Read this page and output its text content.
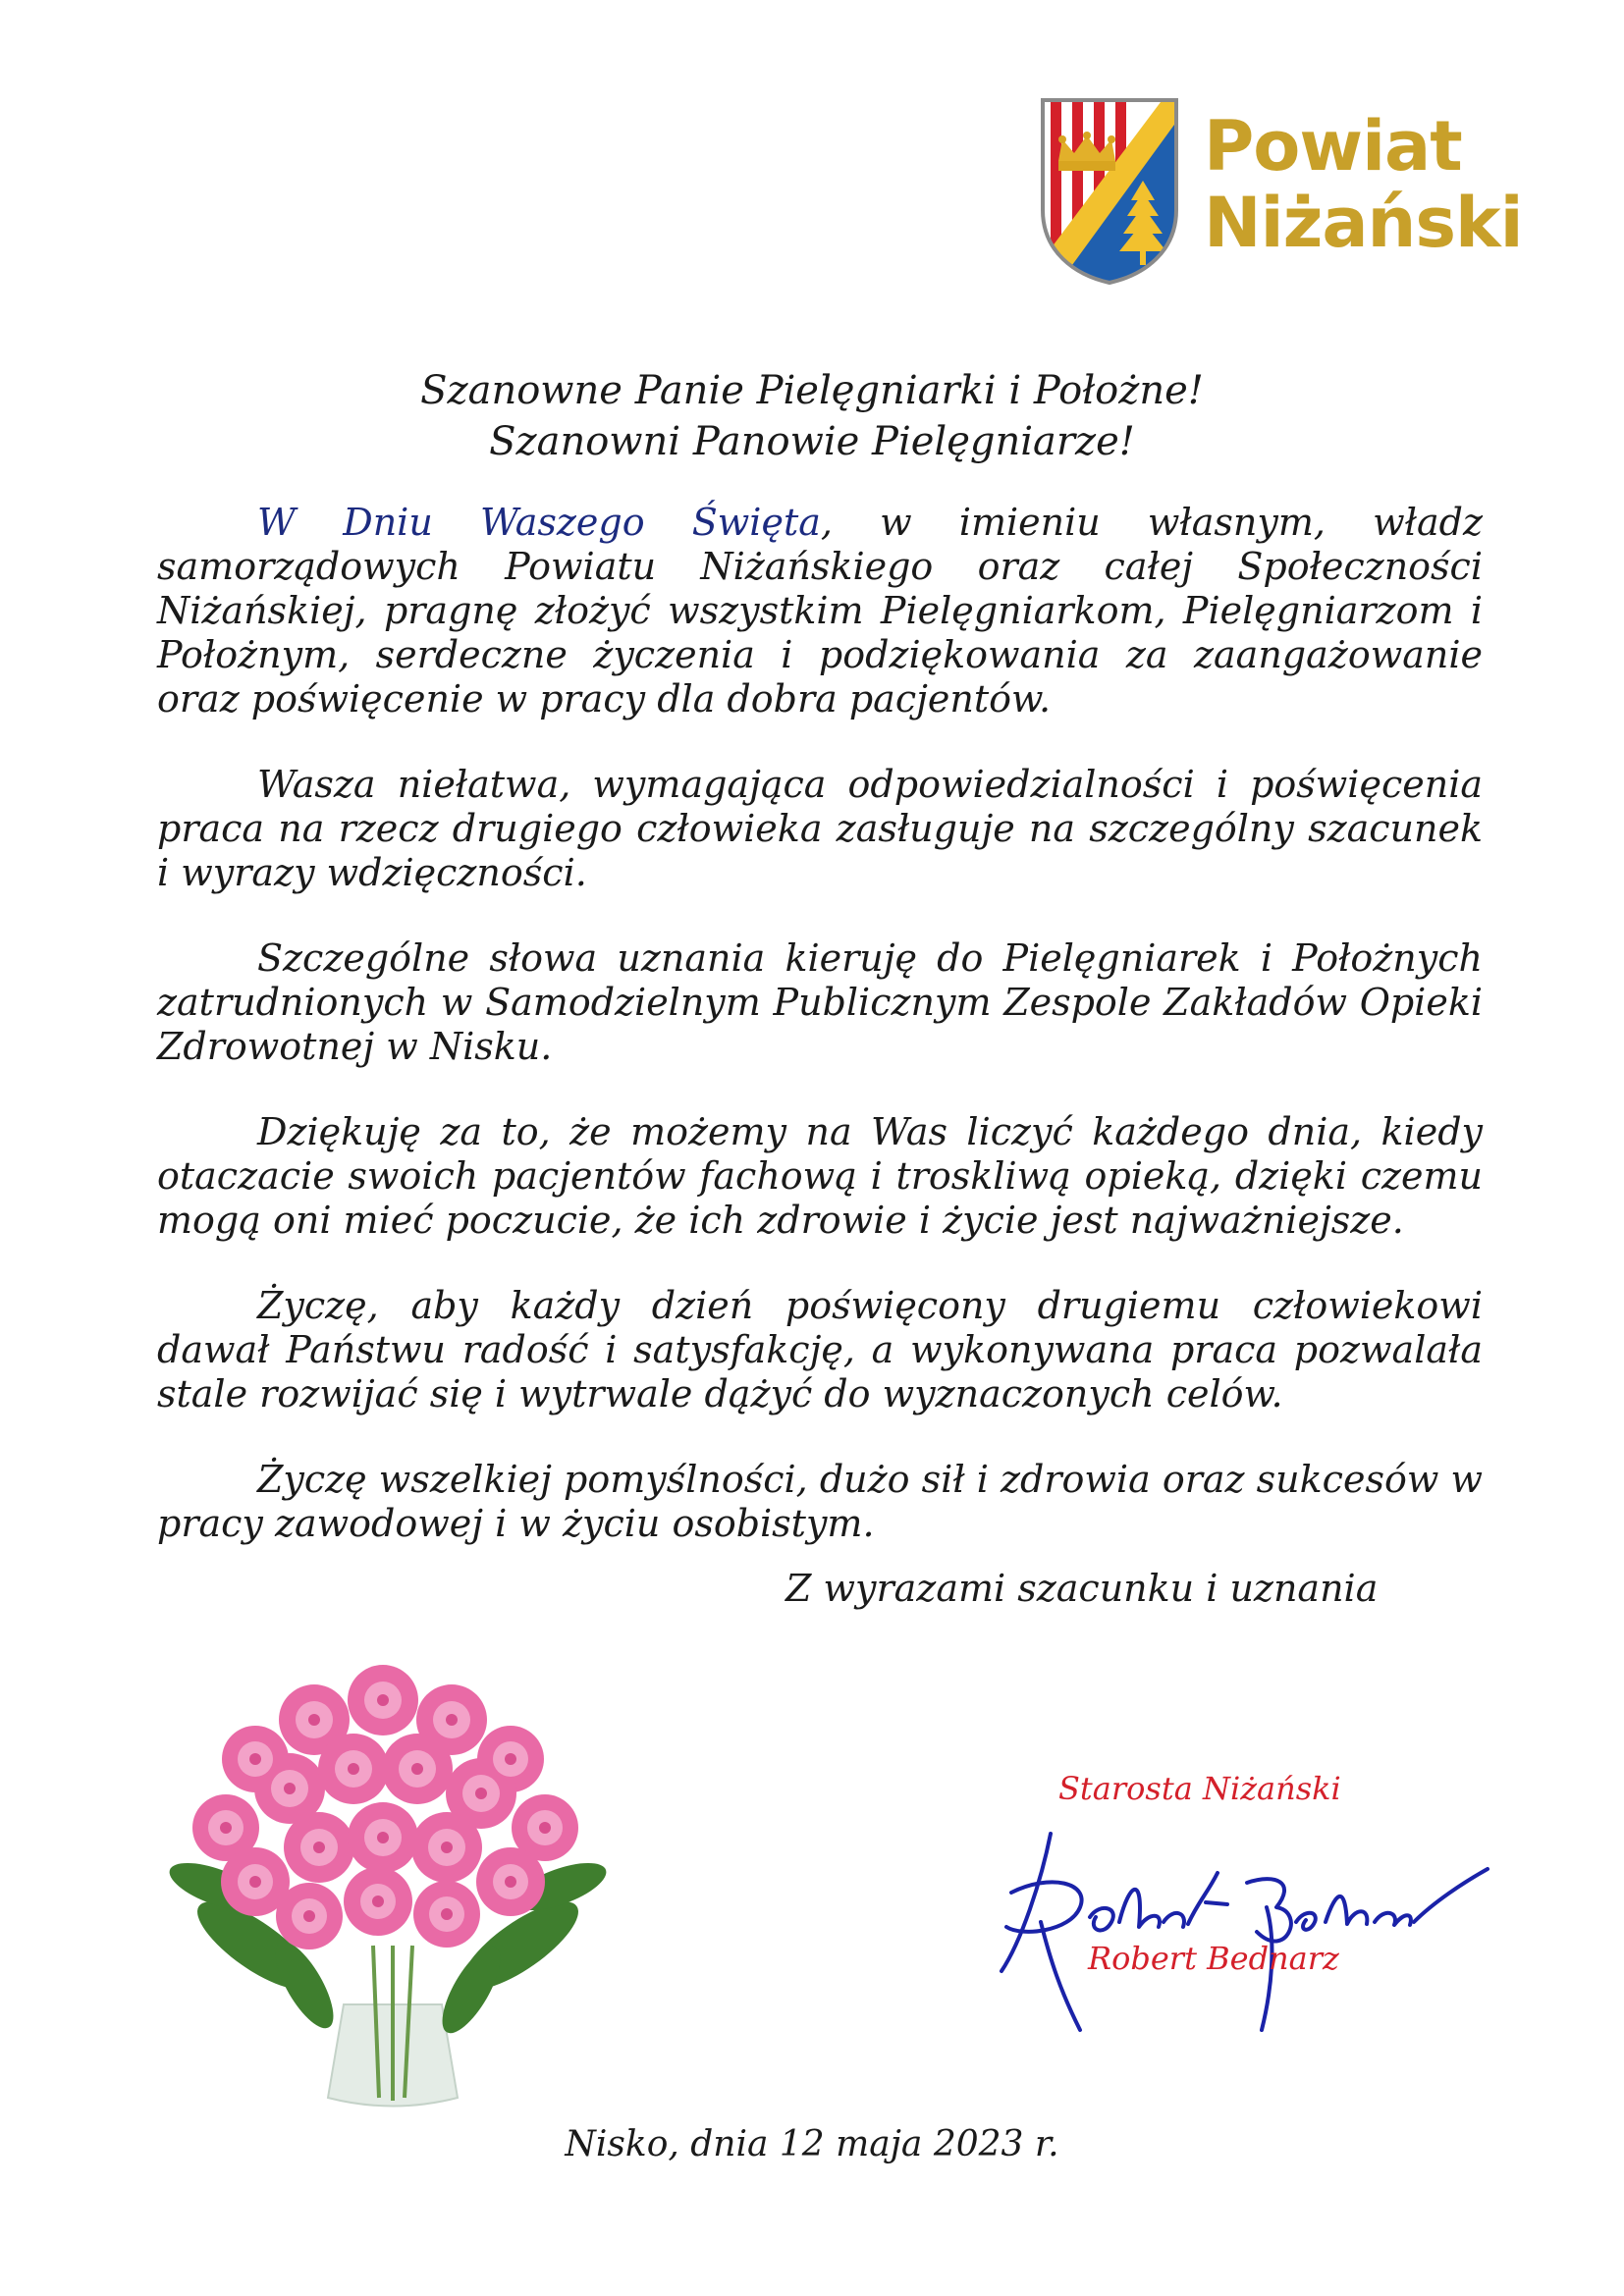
Powiat
Niżański
Szanowne Panie Pielęgniarki i Położne!
Szanowni Panowie Pielęgniarze!

W Dniu Waszego Święta, w imieniu własnym, władz samorządowych Powiatu Niżańskiego oraz całej Społeczności Niżańskiej, pragnę złożyć wszystkim Pielęgniarkom, Pielęgniarzom i Położnym, serdeczne życzenia i podziękowania za zaangażowanie oraz poświęcenie w pracy dla dobra pacjentów.

Wasza niełatwa, wymagająca odpowiedzialności i poświęcenia praca na rzecz drugiego człowieka zasługuje na szczególny szacunek i wyrazy wdzięczności.

Szczególne słowa uznania kieruję do Pielęgniarek i Położnych zatrudnionych w Samodzielnym Publicznym Zespole Zakładów Opieki Zdrowotnej w Nisku.

Dziękuję za to, że możemy na Was liczyć każdego dnia, kiedy otaczacie swoich pacjentów fachową i troskliwą opieką, dzięki czemu mogą oni mieć poczucie, że ich zdrowie i życie jest najważniejsze.

Życzę, aby każdy dzień poświęcony drugiemu człowiekowi dawał Państwu radość i satysfakcję, a wykonywana praca pozwalała stale rozwijać się i wytrwale dążyć do wyznaczonych celów.

Życzę wszelkiej pomyślności, dużo sił i zdrowia oraz sukcesów w pracy zawodowej i w życiu osobistym.

Z wyrazami szacunku i uznania
Starosta Niżański
Robert Bednarz
Nisko, dnia 12 maja 2023 r.
